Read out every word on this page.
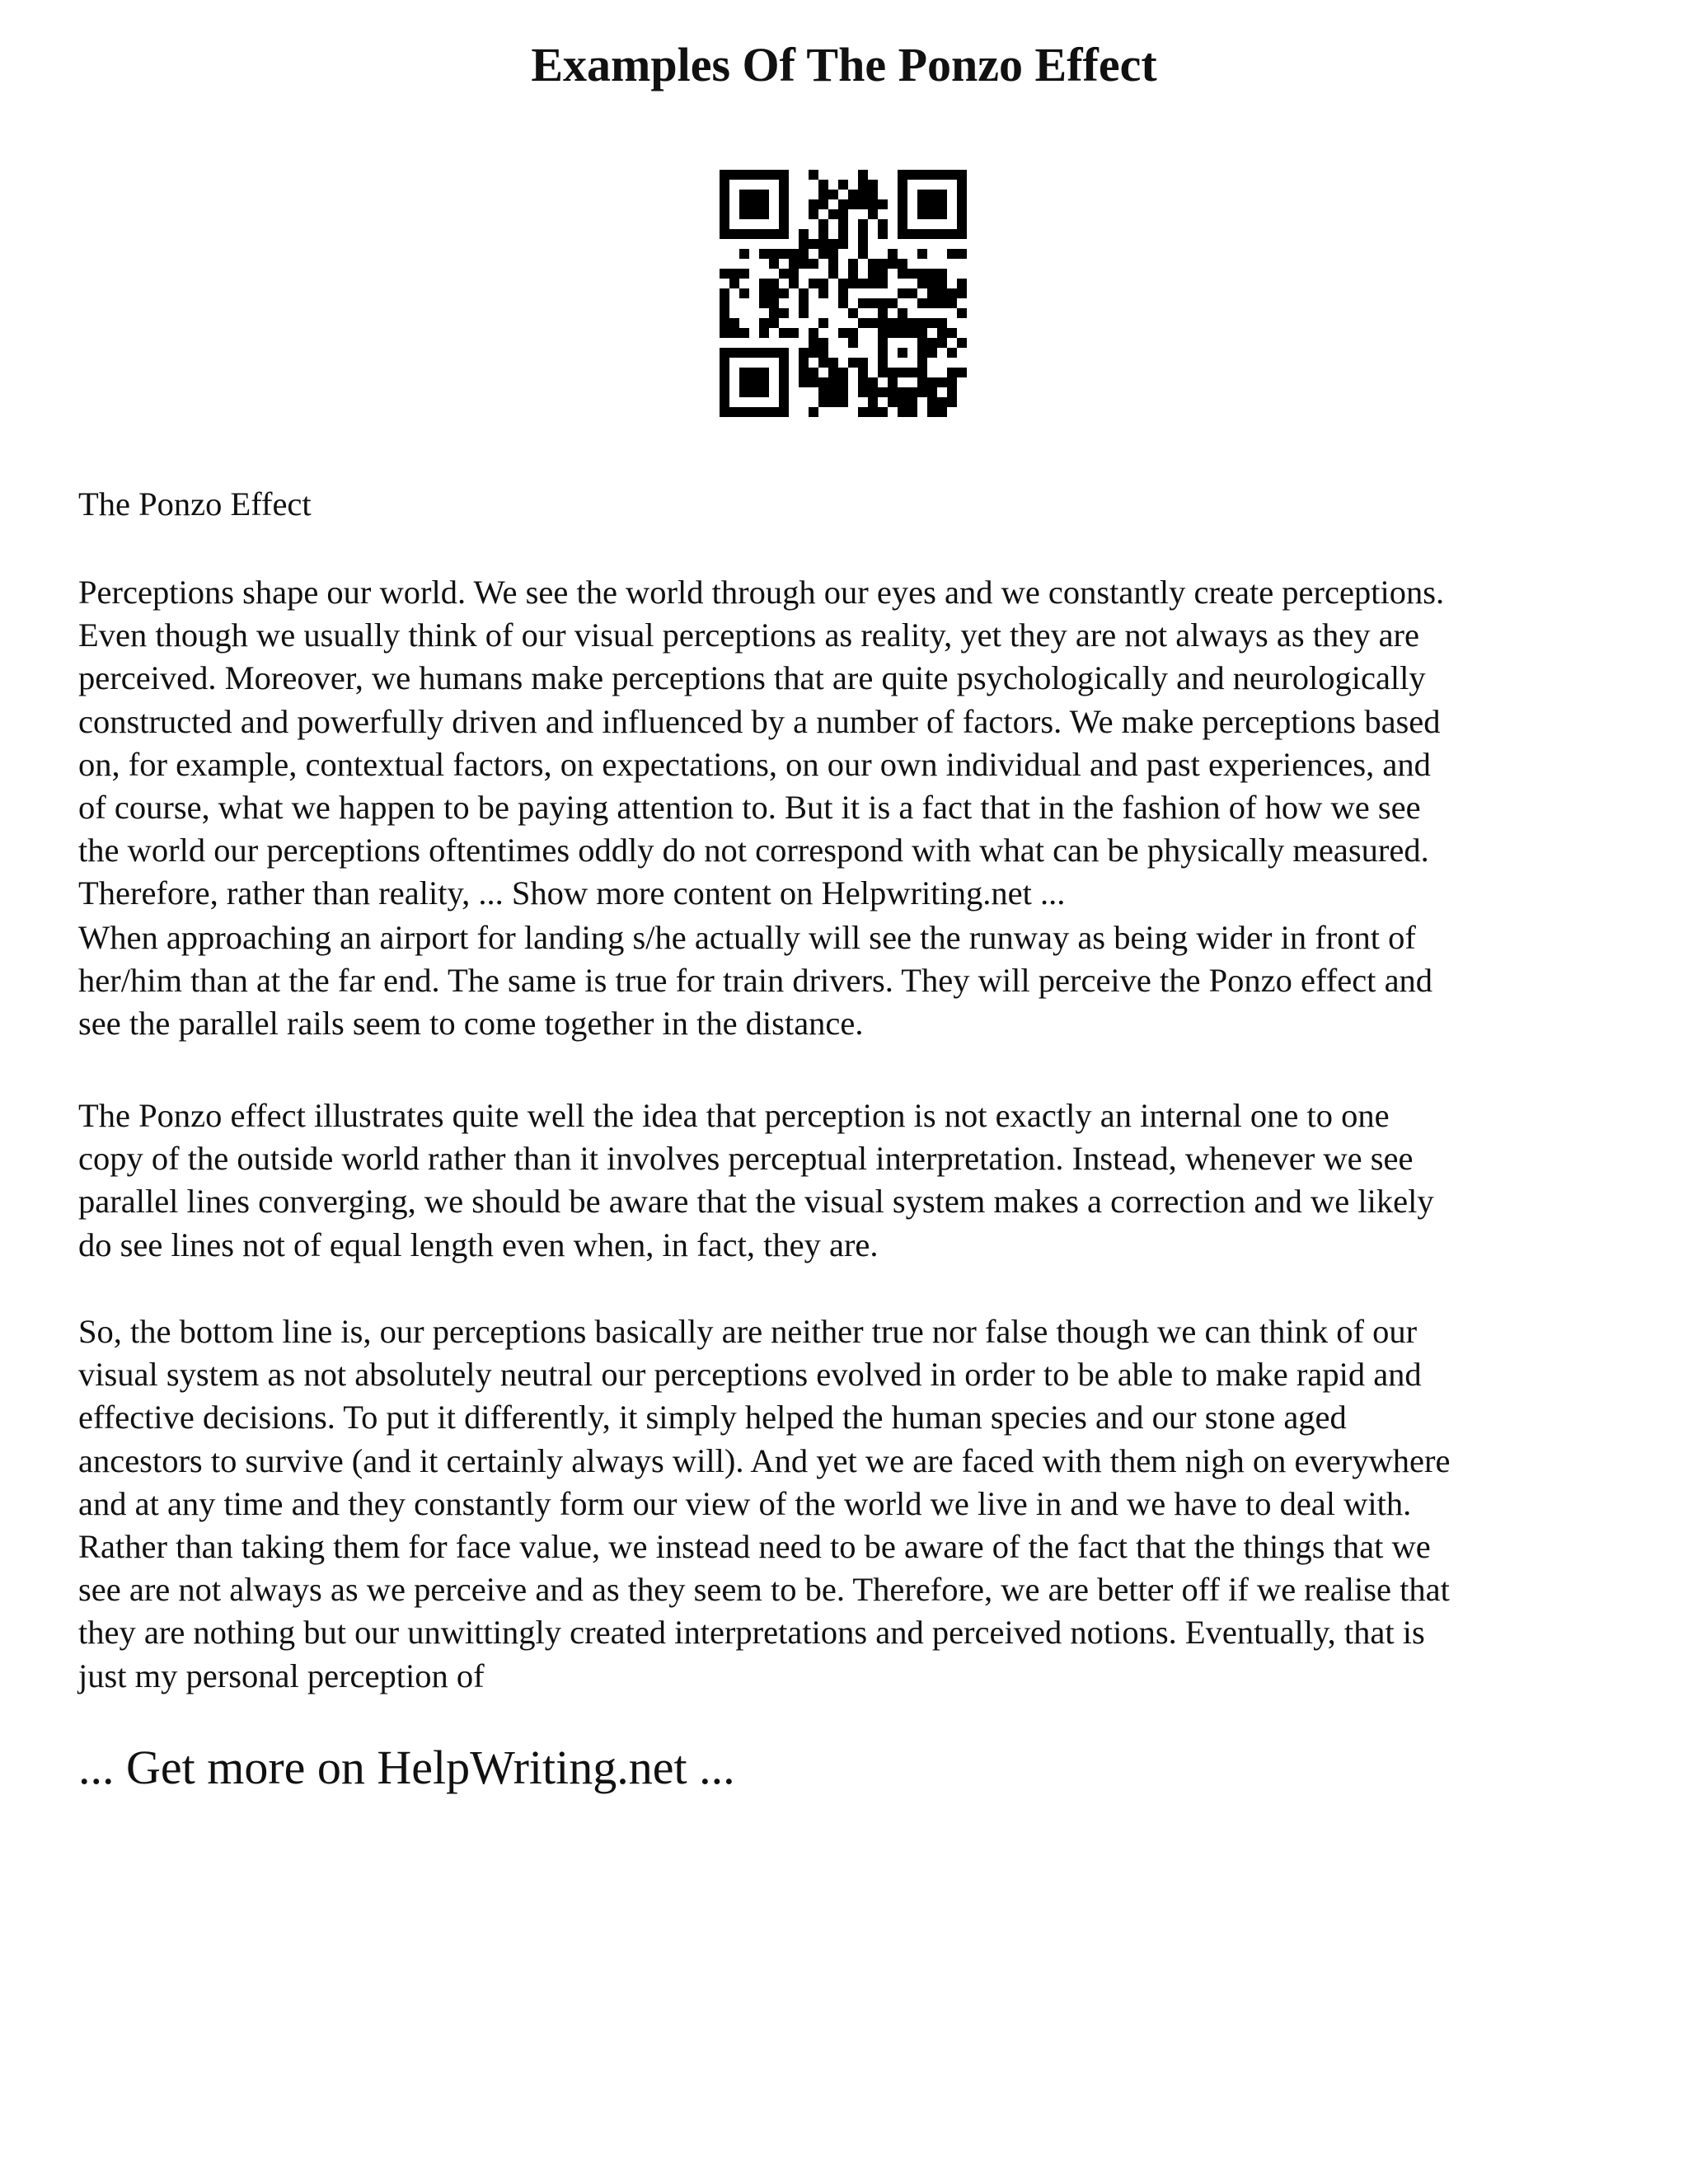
Examples Of The Ponzo Effect

The Ponzo Effect

Perceptions shape our world. We see the world through our eyes and we constantly create perceptions.
Even though we usually think of our visual perceptions as reality, yet they are not always as they are
perceived. Moreover, we humans make perceptions that are quite psychologically and neurologically
constructed and powerfully driven and influenced by a number of factors. We make perceptions based
on, for example, contextual factors, on expectations, on our own individual and past experiences, and
of course, what we happen to be paying attention to. But it is a fact that in the fashion of how we see
the world our perceptions oftentimes oddly do not correspond with what can be physically measured.
Therefore, rather than reality, ... Show more content on Helpwriting.net ...

When approaching an airport for landing s/he actually will see the runway as being wider in front of
her/him than at the far end. The same is true for train drivers. They will perceive the Ponzo effect and
see the parallel rails seem to come together in the distance.

The Ponzo effect illustrates quite well the idea that perception is not exactly an internal one to one
copy of the outside world rather than it involves perceptual interpretation. Instead, whenever we see
parallel lines converging, we should be aware that the visual system makes a correction and we likely
do see lines not of equal length even when, in fact, they are.

So, the bottom line is, our perceptions basically are neither true nor false though we can think of our
visual system as not absolutely neutral our perceptions evolved in order to be able to make rapid and
effective decisions. To put it differently, it simply helped the human species and our stone aged
ancestors to survive (and it certainly always will). And yet we are faced with them nigh on everywhere
and at any time and they constantly form our view of the world we live in and we have to deal with.
Rather than taking them for face value, we instead need to be aware of the fact that the things that we
see are not always as we perceive and as they seem to be. Therefore, we are better off if we realise that
they are nothing but our unwittingly created interpretations and perceived notions. Eventually, that is
just my personal perception of

... Get more on HelpWriting.net ...
